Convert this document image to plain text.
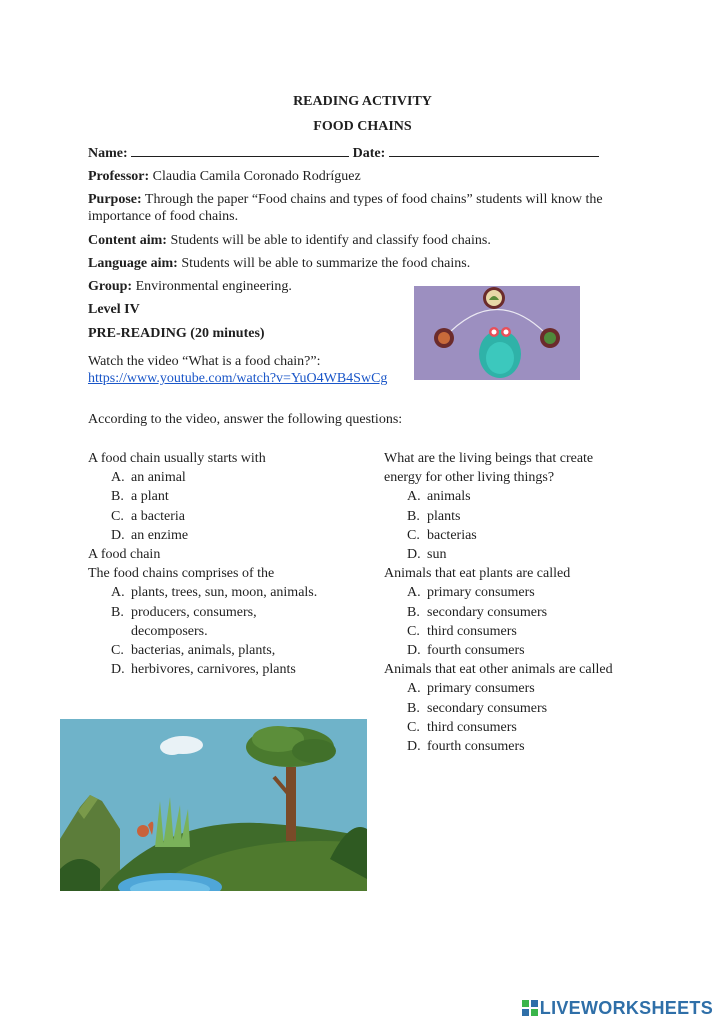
READING ACTIVITY
FOOD CHAINS
Name:	Date:
Professor: Claudia Camila Coronado Rodríguez
Purpose: Through the paper “Food chains and types of food chains” students will know the
importance of food chains.
Content aim: Students will be able to identify and classify food chains.
Language aim: Students will be able to summarize the food chains.
Group: Environmental engineering.
Level IV
PRE-READING (20 minutes)
Watch the video “What is a food chain?”:
https://www.youtube.com/watch?v=YuO4WB4SwCg
According to the video, answer the following questions:
A food chain usually starts with
A. an animal
B. a plant
C. a bacteria
D. an enzime
A food chain
The food chains comprises of the
A. plants, trees, sun, moon, animals.
B. producers, consumers,
decomposers.
C. bacterias, animals, plants,
D. herbivores, carnivores, plants
What are the living beings that create
energy for other living things?
A. animals
B. plants
C. bacterias
D. sun
Animals that eat plants are called
A. primary consumers
B. secondary consumers
C. third consumers
D. fourth consumers
Animals that eat other animals are called
A. primary consumers
B. secondary consumers
C. third consumers
D. fourth consumers
LIVEWORKSHEETS
